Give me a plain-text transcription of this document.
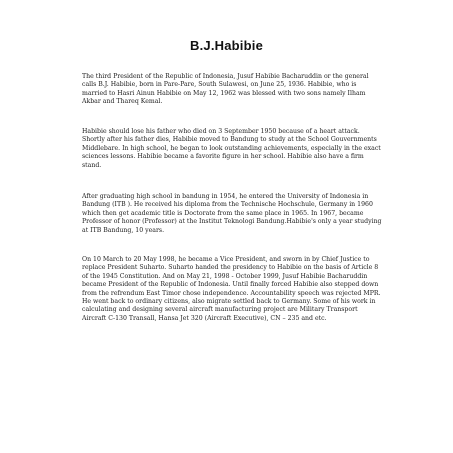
B.J.Habibie

The third President of the Republic of Indonesia, Jusuf Habibie Bacharuddin or the general calls B.J. Habibie, born in Pare-Pare, South Sulawesi, on June 25, 1936. Habibie, who is married to Hasri Ainun Habibie on May 12, 1962 was blessed with two sons namely Ilham Akbar and Thareq Kemal.

Habibie should lose his father who died on 3 September 1950 because of a heart attack. Shortly after his father dies, Habibie moved to Bandung to study at the School Gouvernments Middlebare. In high school, he began to look outstanding achievements, especially in the exact sciences lessons. Habibie became a favorite figure in her school. Habibie also have a firm stand.

After graduating high school in bandung in 1954, he entered the University of Indonesia in Bandung (ITB ). He received his diploma from the Technische Hochschule, Germany in 1960 which then get academic title is Doctorate from the same place in 1965. In 1967, became Professor of honor (Professor) at the Institut Teknologi Bandung.Habibie's only a year studying at ITB Bandung, 10 years.

On 10 March to 20 May 1998, he became a Vice President, and sworn in by Chief Justice to replace President Suharto. Suharto handed the presidency to Habibie on the basis of Article 8 of the 1945 Constitution. And on May 21, 1998 - October 1999, Jusuf Habibie Bacharuddin became President of the Republic of Indonesia. Until finally forced Habibie also stepped down from the refrendum East Timor chose independence. Accountability speech was rejected MPR. He went back to ordinary citizens, also migrate settled back to Germany. Some of his work in calculating and designing several aircraft manufacturing project are Military Transport Aircraft C-130 Transall, Hansa Jet 320 (Aircraft Executive), CN – 235 and etc.
